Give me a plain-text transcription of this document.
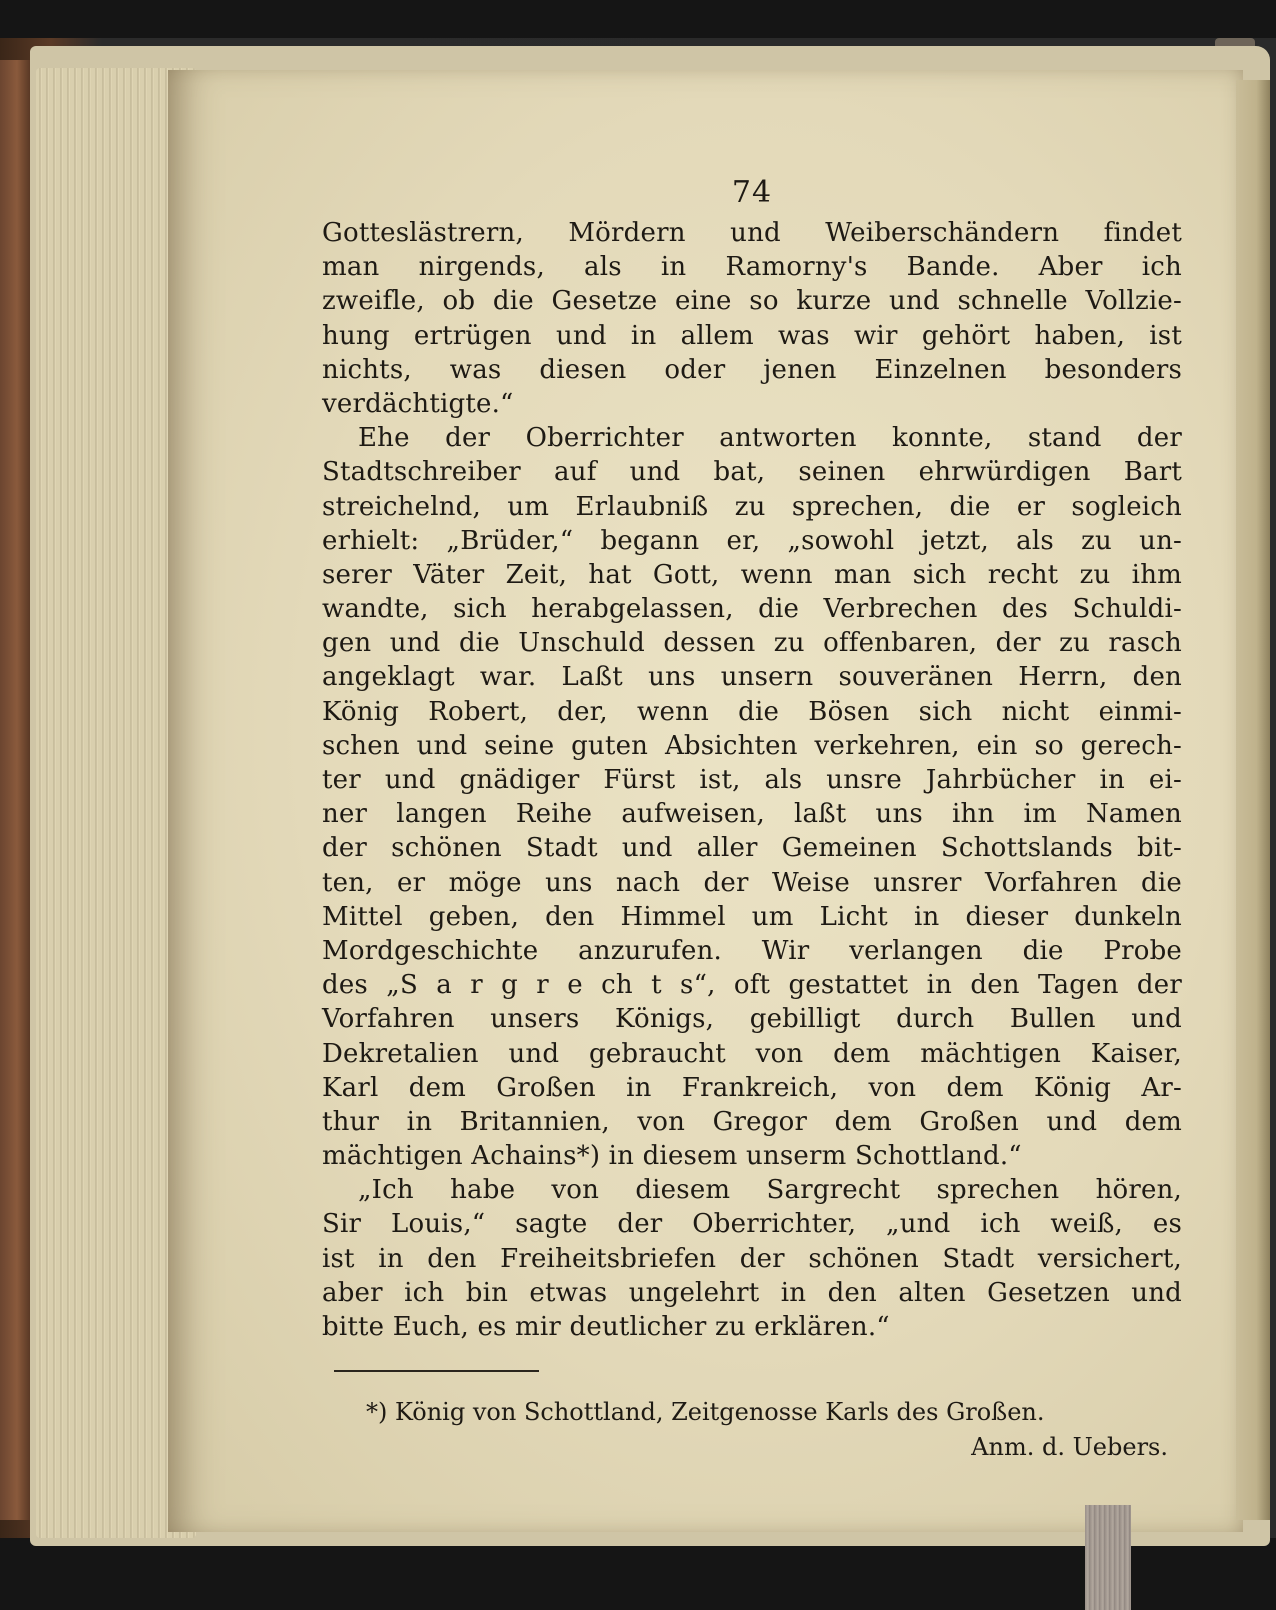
74
Gotteslästrern, Mördern und Weiberschändern findet
man nirgends, als in Ramorny's Bande. Aber ich
zweifle, ob die Gesetze eine so kurze und schnelle Vollzie-
hung ertrügen und in allem was wir gehört haben, ist
nichts, was diesen oder jenen Einzelnen besonders
verdächtigte.“
Ehe der Oberrichter antworten konnte, stand der
Stadtschreiber auf und bat, seinen ehrwürdigen Bart
streichelnd, um Erlaubniß zu sprechen, die er sogleich
erhielt: „Brüder,“ begann er, „sowohl jetzt, als zu un-
serer Väter Zeit, hat Gott, wenn man sich recht zu ihm
wandte, sich herabgelassen, die Verbrechen des Schuldi-
gen und die Unschuld dessen zu offenbaren, der zu rasch
angeklagt war. Laßt uns unsern souveränen Herrn, den
König Robert, der, wenn die Bösen sich nicht einmi-
schen und seine guten Absichten verkehren, ein so gerech-
ter und gnädiger Fürst ist, als unsre Jahrbücher in ei-
ner langen Reihe aufweisen, laßt uns ihn im Namen
der schönen Stadt und aller Gemeinen Schottslands bit-
ten, er möge uns nach der Weise unsrer Vorfahren die
Mittel geben, den Himmel um Licht in dieser dunkeln
Mordgeschichte anzurufen. Wir verlangen die Probe
des „S a r g r e ch t s“, oft gestattet in den Tagen der
Vorfahren unsers Königs, gebilligt durch Bullen und
Dekretalien und gebraucht von dem mächtigen Kaiser,
Karl dem Großen in Frankreich, von dem König Ar-
thur in Britannien, von Gregor dem Großen und dem
mächtigen Achains*) in diesem unserm Schottland.“
„Ich habe von diesem Sargrecht sprechen hören,
Sir Louis,“ sagte der Oberrichter, „und ich weiß, es
ist in den Freiheitsbriefen der schönen Stadt versichert,
aber ich bin etwas ungelehrt in den alten Gesetzen und
bitte Euch, es mir deutlicher zu erklären.“
*) König von Schottland, Zeitgenosse Karls des Großen.
Anm. d. Uebers.
